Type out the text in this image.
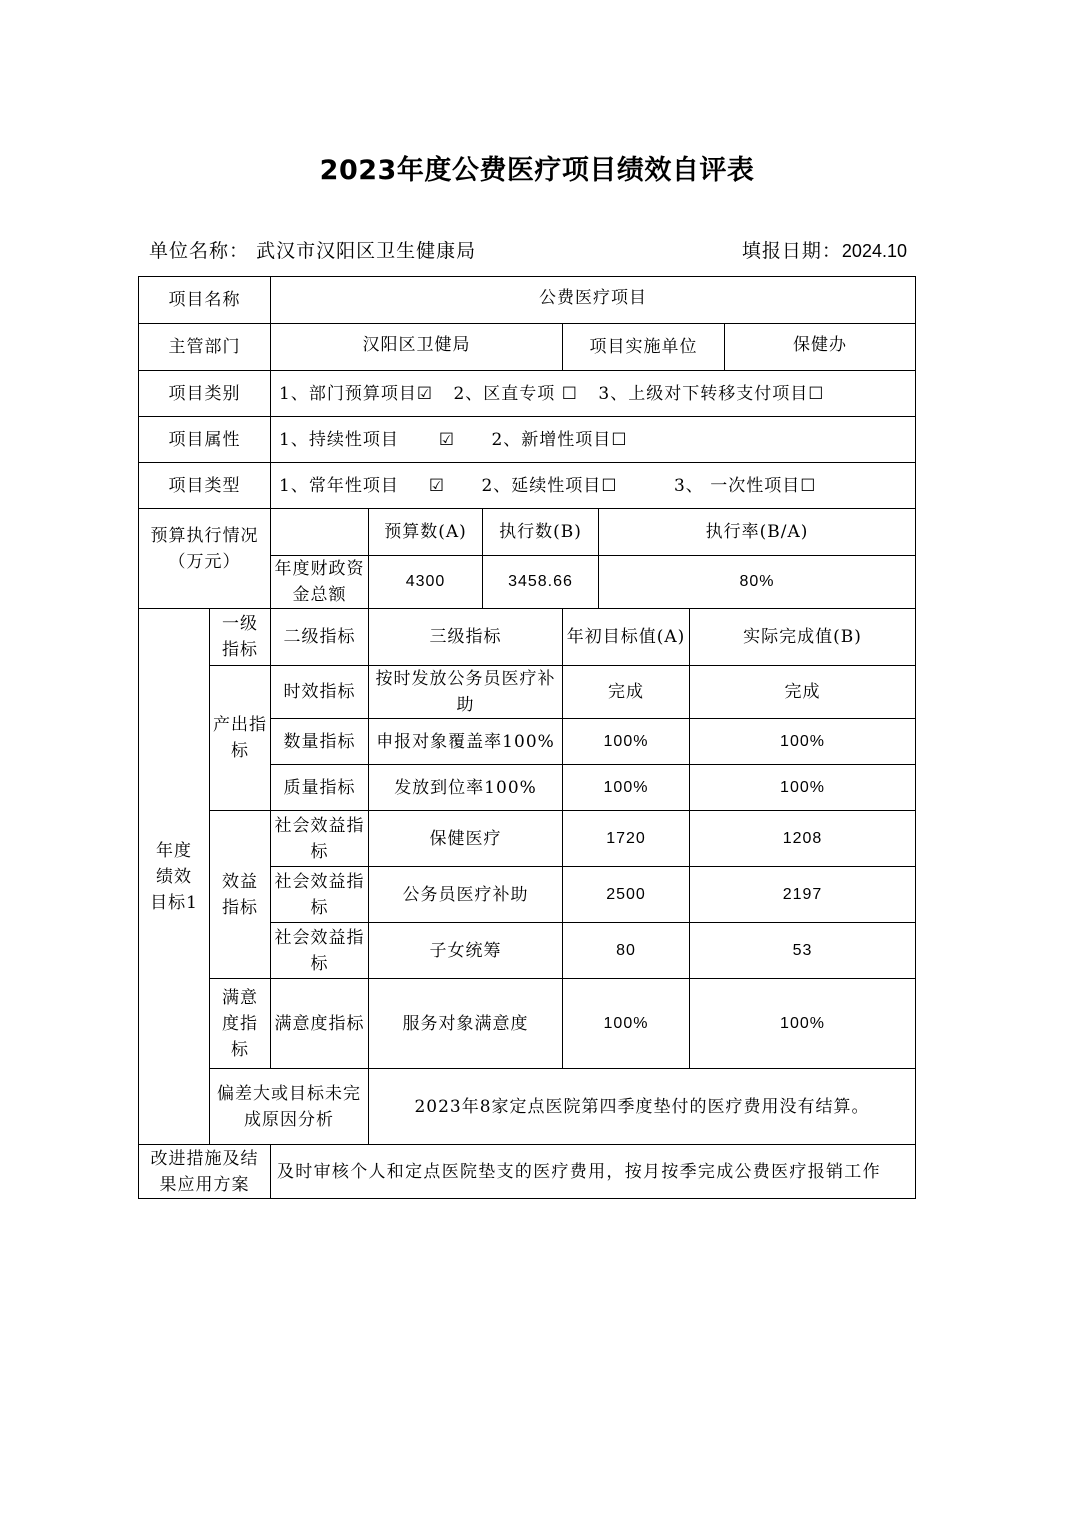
2023年度公费医疗项目绩效自评表
单位名称： 武汉市汉阳区卫生健康局	填报日期：2024.10
项目名称		公费医疗项目						
主管部门		汉阳区卫健局			项目实施单位			保健办
项目类别		1、部门预算项目☑ 2、区直专项 ☐ 3、上级对下转移支付项目☐						
项目属性		1、持续性项目 ☑ 2、新增性项目☐						
项目类型		1、常年性项目 ☑ 2、延续性项目☐ 3、 一次性项目☐						
预算执行情况（万元）			预算数(A)	执行数(B)		执行率(B/A)		
		年度财政资金总额	4300	3458.66		80%		
年度绩效目标1	一级指标	二级指标	三级指标		年初目标值(A)		实际完成值(B)	
	产出指标	时效指标	按时发放公务员医疗补助		完成		完成	
		数量指标	申报对象覆盖率100%		100%		100%	
		质量指标	发放到位率100%		100%		100%	
	效益指标	社会效益指标	保健医疗		1720		1208	
		社会效益指标	公务员医疗补助		2500		2197	
		社会效益指标	子女统筹		80		53	
	满意度指标	满意度指标	服务对象满意度		100%		100%	
	偏差大或目标未完成原因分析		2023年8家定点医院第四季度垫付的医疗费用没有结算。					
改进措施及结果应用方案		及时审核个人和定点医院垫支的医疗费用，按月按季完成公费医疗报销工作						
